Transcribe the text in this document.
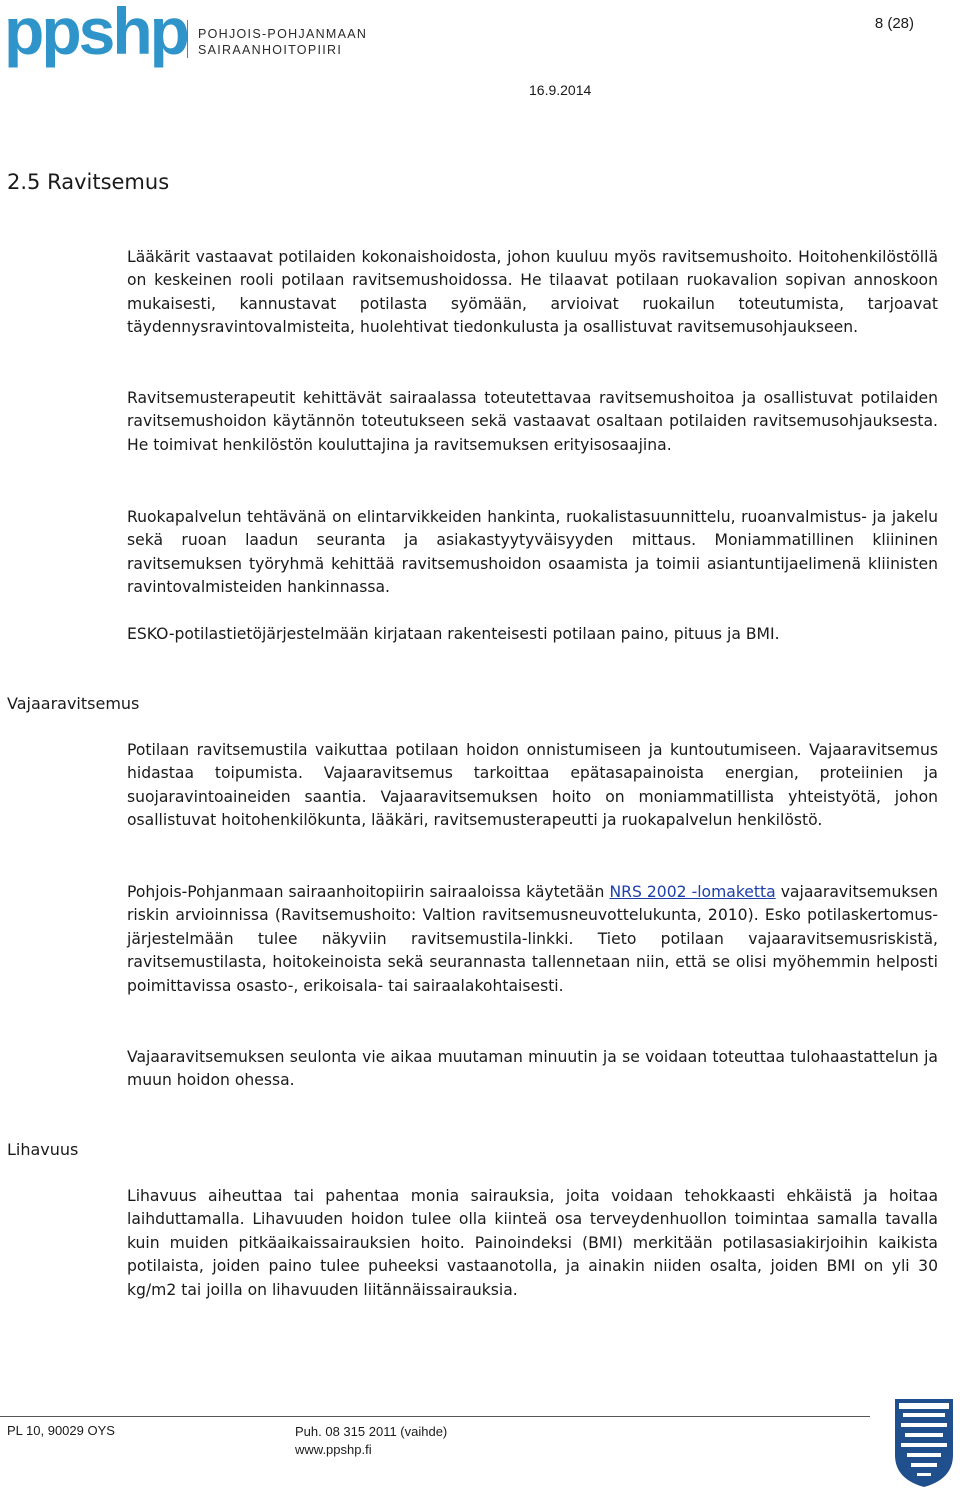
ppshp POHJOIS-POHJANMAAN
SAIRAANHOITOPIIRI
8 (28)
16.9.2014
2.5 Ravitsemus

Lääkärit vastaavat potilaiden kokonaishoidosta, johon kuuluu myös ravitsemushoito. Hoitohenkilöstöllä on keskeinen rooli potilaan ravitsemushoidossa. He tilaavat potilaan ruokavalion sopivan annoskoon mukaisesti, kannustavat potilasta syömään, arvioivat ruokailun toteutumista, tarjoavat täydennysravintovalmisteita, huolehtivat tiedonkulusta ja osallistuvat ravitsemusohjaukseen.

Ravitsemusterapeutit kehittävät sairaalassa toteutettavaa ravitsemushoitoa ja osallistuvat potilaiden ravitsemushoidon käytännön toteutukseen sekä vastaavat osaltaan potilaiden ravitsemusohjauksesta. He toimivat henkilöstön kouluttajina ja ravitsemuksen erityisosaajina.

Ruokapalvelun tehtävänä on elintarvikkeiden hankinta, ruokalistasuunnittelu, ruoanvalmistus- ja jakelu sekä ruoan laadun seuranta ja asiakastyytyväisyyden mittaus. Moniammatillinen kliininen ravitsemuksen työryhmä kehittää ravitsemushoidon osaamista ja toimii asiantuntijaelimenä kliinisten ravintovalmisteiden hankinnassa.

ESKO-potilastietöjärjestelmään kirjataan rakenteisesti potilaan paino, pituus ja BMI.

Vajaaravitsemus

Potilaan ravitsemustila vaikuttaa potilaan hoidon onnistumiseen ja kuntoutumiseen. Vajaaravitsemus hidastaa toipumista. Vajaaravitsemus tarkoittaa epätasapainoista energian, proteiinien ja suojaravintoaineiden saantia. Vajaaravitsemuksen hoito on moniammatillista yhteistyötä, johon osallistuvat hoitohenkilökunta, lääkäri, ravitsemusterapeutti ja ruokapalvelun henkilöstö.

Pohjois-Pohjanmaan sairaanhoitopiirin sairaaloissa käytetään NRS 2002 -lomaketta vajaaravitsemuksen riskin arvioinnissa (Ravitsemushoito: Valtion ravitsemusneuvottelukunta, 2010). Esko potilaskertomus-järjestelmään tulee näkyviin ravitsemustila-linkki. Tieto potilaan vajaaravitsemusriskistä, ravitsemustilasta, hoitokeinoista sekä seurannasta tallennetaan niin, että se olisi myöhemmin helposti poimittavissa osasto-, erikoisala- tai sairaalakohtaisesti.

Vajaaravitsemuksen seulonta vie aikaa muutaman minuutin ja se voidaan toteuttaa tulohaastattelun ja muun hoidon ohessa.

Lihavuus

Lihavuus aiheuttaa tai pahentaa monia sairauksia, joita voidaan tehokkaasti ehkäistä ja hoitaa laihduttamalla. Lihavuuden hoidon tulee olla kiinteä osa terveydenhuollon toimintaa samalla tavalla kuin muiden pitkäaikaissairauksien hoito. Painoindeksi (BMI) merkitään potilasasiakirjoihin kaikista potilaista, joiden paino tulee puheeksi vastaanotolla, ja ainakin niiden osalta, joiden BMI on yli 30 kg/m2 tai joilla on lihavuuden liitännäissairauksia.

PL 10, 90029 OYS	Puh. 08 315 2011 (vaihde)
www.ppshp.fi
